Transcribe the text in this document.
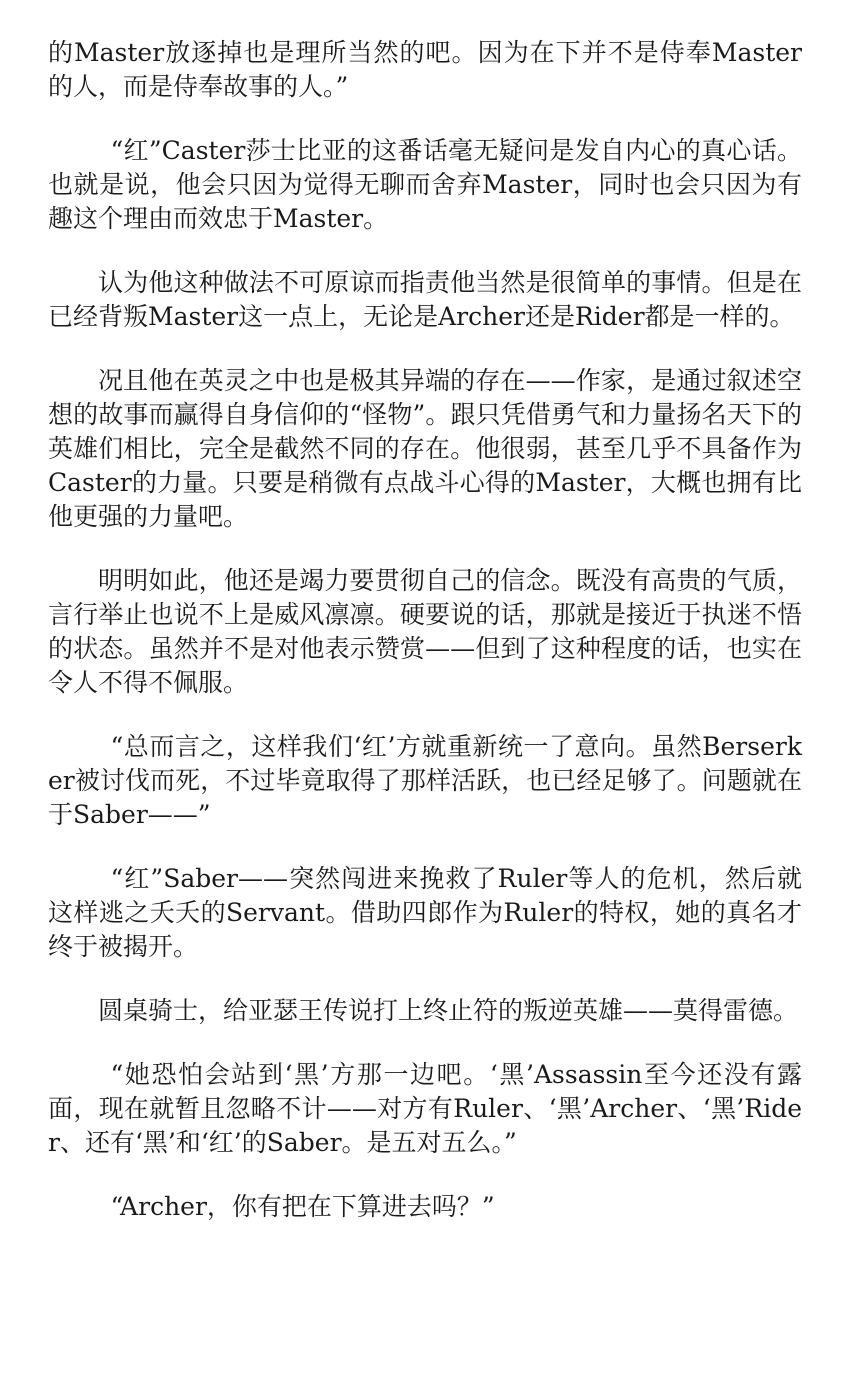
的Master放逐掉也是理所当然的吧。因为在下并不是侍奉Master的人，而是侍奉故事的人。”

“红”Caster莎士比亚的这番话毫无疑问是发自内心的真心话。也就是说，他会只因为觉得无聊而舍弃Master，同时也会只因为有趣这个理由而效忠于Master。

认为他这种做法不可原谅而指责他当然是很简单的事情。但是在已经背叛Master这一点上，无论是Archer还是Rider都是一样的。

况且他在英灵之中也是极其异端的存在——作家，是通过叙述空想的故事而赢得自身信仰的“怪物”。跟只凭借勇气和力量扬名天下的英雄们相比，完全是截然不同的存在。他很弱，甚至几乎不具备作为Caster的力量。只要是稍微有点战斗心得的Master，大概也拥有比他更强的力量吧。

明明如此，他还是竭力要贯彻自己的信念。既没有高贵的气质，言行举止也说不上是威风凛凛。硬要说的话，那就是接近于执迷不悟的状态。虽然并不是对他表示赞赏——但到了这种程度的话，也实在令人不得不佩服。

“总而言之，这样我们‘红’方就重新统一了意向。虽然Berserker被讨伐而死，不过毕竟取得了那样活跃，也已经足够了。问题就在于Saber——”

“红”Saber——突然闯进来挽救了Ruler等人的危机，然后就这样逃之夭夭的Servant。借助四郎作为Ruler的特权，她的真名才终于被揭开。

圆桌骑士，给亚瑟王传说打上终止符的叛逆英雄——莫得雷德。

“她恐怕会站到‘黑’方那一边吧。‘黑’Assassin至今还没有露面，现在就暂且忽略不计——对方有Ruler、‘黑’Archer、‘黑’Rider、还有‘黑’和‘红’的Saber。是五对五么。”

“Archer，你有把在下算进去吗？”
